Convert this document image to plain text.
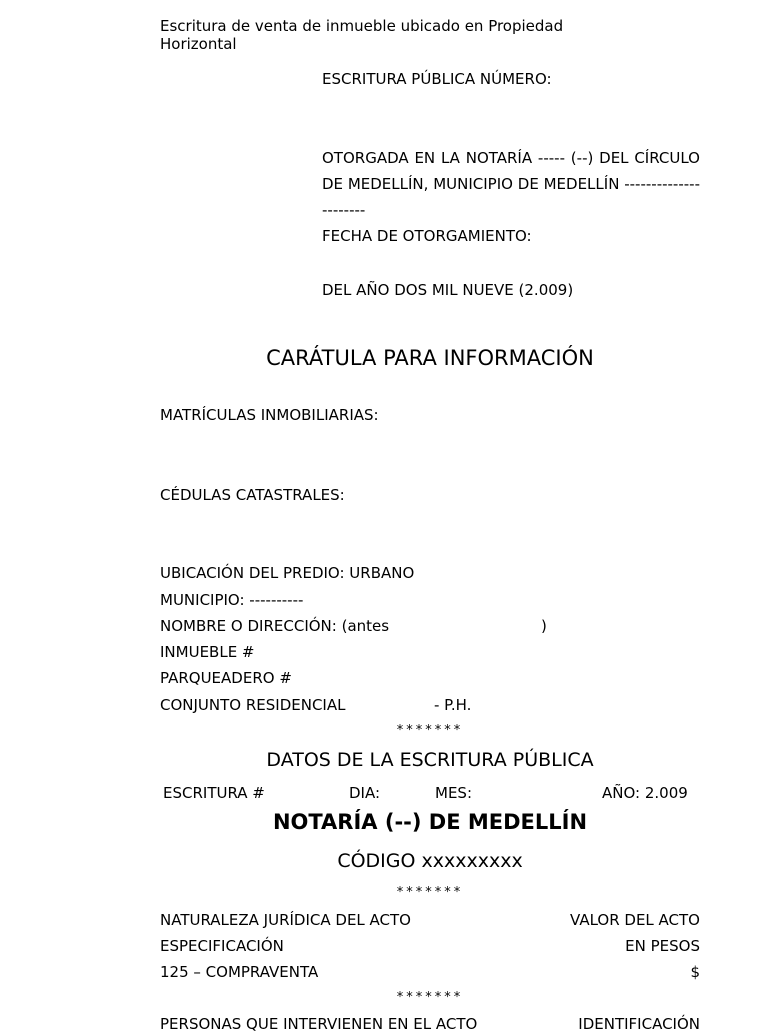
Escritura de venta de inmueble ubicado en Propiedad Horizontal
ESCRITURA PÚBLICA NÚMERO:
OTORGADA EN LA NOTARÍA ----- (--) DEL CÍRCULO DE MEDELLÍN, MUNICIPIO DE MEDELLÍN ----------------------
FECHA DE OTORGAMIENTO:
DEL AÑO DOS MIL NUEVE (2.009)
CARÁTULA PARA INFORMACIÓN
MATRÍCULAS INMOBILIARIAS:
CÉDULAS CATASTRALES:
UBICACIÓN DEL PREDIO: URBANO
MUNICIPIO: ----------
NOMBRE O DIRECCIÓN: (antes	)
INMUEBLE #
PARQUEADERO #
CONJUNTO RESIDENCIAL	- P.H.
*******
DATOS DE LA ESCRITURA PÚBLICA
ESCRITURA #	DIA:	MES:	AÑO: 2.009
NOTARÍA (--) DE MEDELLÍN
CÓDIGO xxxxxxxxx
*******
NATURALEZA JURÍDICA DEL ACTO	VALOR DEL ACTO
ESPECIFICACIÓN	EN PESOS
125 – COMPRAVENTA	$
*******
PERSONAS QUE INTERVIENEN EN EL ACTO	IDENTIFICACIÓN
